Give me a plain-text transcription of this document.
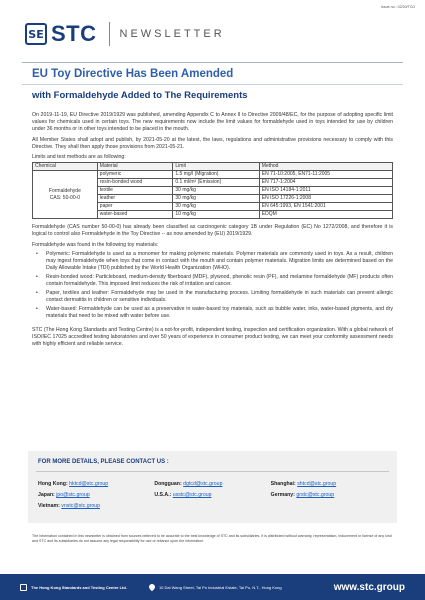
Issue no.: 02/20/TCD
SE STC NEWSLETTER
EU Toy Directive Has Been Amended
with Formaldehyde Added to The Requirements

On 2019-11-19, EU Directive 2019/1929 was published, amending Appendix C to Annex II to Directive 2009/48/EC, for the purpose of adopting specific limit values for chemicals used in certain toys. The new requirements now include the limit values for formaldehyde used in toys intended for use by children under 36 months or in other toys intended to be placed in the mouth.

All Member States shall adopt and publish, by 2021-05-20 at the latest, the laws, regulations and administrative provisions necessary to comply with this Directive. They shall then apply those provisions from 2021-05-21.

Limits and test methods are as following:

Chemical	Material	Limit	Method
Formaldehyde
CAS: 50-00-0	polymeric	1.5 mg/l (Migration)	EN 71-10:2005, EN71-11:2005
	resin-bonded wood	0.1 ml/m³ (Emission)	EN 717-1:2004
	textile	30 mg/kg	EN ISO 14184-1:2011
	leather	30 mg/kg	EN ISO 17226-1:2008
	paper	30 mg/kg	EN 645:1993, EN 1541:2001
	water-based	10 mg/kg	EDQM

Formaldehyde (CAS number 50-00-0) has already been classified as carcinogenic category 1B under Regulation (EC) No 1272/2008, and therefore it is logical to control also Formaldehyde in the Toy Directive -- as now amended by (EU) 2019/1929.

Formaldehyde was found in the following toy materials:

• Polymeric: Formaldehyde is used as a monomer for making polymeric materials. Polymer materials are commonly used in toys. As a result, children may ingest formaldehyde when toys that come in contact with the mouth and contain polymer materials. Migration limits are determined based on the Daily Allowable Intake (TDI) published by the World Health Organization (WHO).
• Resin-bonded wood: Particleboard, medium-density fiberboard (MDF), plywood, phenolic resin (PF), and melamine formaldehyde (MF) products often contain formaldehyde. This imposed limit reduces the risk of irritation and cancer.
• Paper, textiles and leather: Formaldehyde may be used in the manufacturing process. Limiting formaldehyde in such materials can prevent allergic contact dermatitis in children or sensitive individuals.
• Water-based: Formaldehyde can be used as a preservative in water-based toy materials, such as bubble water, inks, water-based pigments, and dry materials that need to be mixed with water before use.

STC (The Hong Kong Standards and Testing Centre) is a not-for-profit, independent testing, inspection and certification organization. With a global network of ISO/IEC 17025 accredited testing laboratories and over 50 years of experience in consumer product testing, we can meet your conformity assessment needs with highly efficient and reliable service.

FOR MORE DETAILS, PLEASE CONTACT US :
Hong Kong: hktcd@stc.group	Dongguan: dgtcd@stc.group	Shanghai: shtcd@stc.group
Japan: jpo@stc.group	U.S.A.: usstc@stc.group	Germany: grstc@stc.group
Vietnam: vnstc@stc.group
The information contained in this newsletter is obtained from sources believed to be accurate to the best knowledge of STC and its subsidiaries. It is distributed without warranty, representation, inducement or license of any kind and STC and its subsidiaries do not assume any legal responsibility for use or reliance upon the information.
The Hong Kong Standards and Testing Centre Ltd.	10 Dai Wang Street, Tai Po Industrial Estate, Tai Po, N.T., Hong Kong	www.stc.group
